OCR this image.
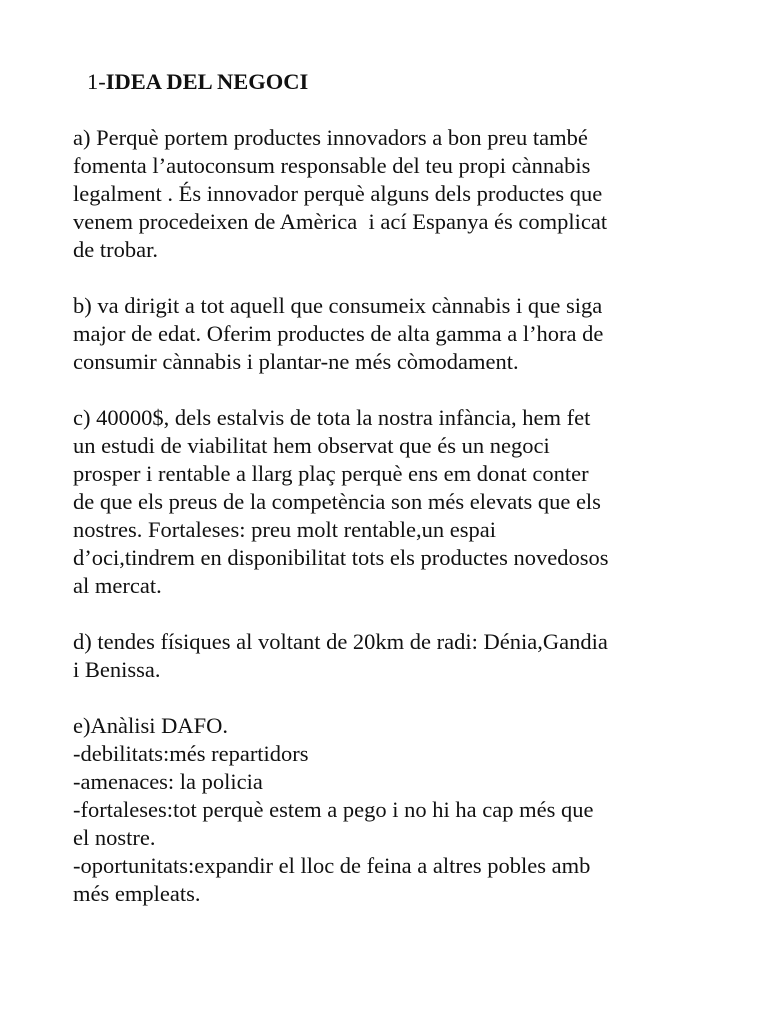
1-IDEA DEL NEGOCI

a) Perquè portem productes innovadors a bon preu també
fomenta l’autoconsum responsable del teu propi cànnabis
legalment . És innovador perquè alguns dels productes que
venem procedeixen de Amèrica  i ací Espanya és complicat
de trobar.
b) va dirigit a tot aquell que consumeix cànnabis i que siga
major de edat. Oferim productes de alta gamma a l’hora de
consumir cànnabis i plantar-ne més còmodament.
c) 40000$, dels estalvis de tota la nostra infància, hem fet
un estudi de viabilitat hem observat que és un negoci
prosper i rentable a llarg plaç perquè ens em donat conter
de que els preus de la competència son més elevats que els
nostres. Fortaleses: preu molt rentable,un espai
d’oci,tindrem en disponibilitat tots els productes novedosos
al mercat.
d) tendes físiques al voltant de 20km de radi: Dénia,Gandia
i Benissa.
e)Anàlisi DAFO.
-debilitats:més repartidors
-amenaces: la policia
-fortaleses:tot perquè estem a pego i no hi ha cap més que
el nostre.
-oportunitats:expandir el lloc de feina a altres pobles amb
més empleats.
